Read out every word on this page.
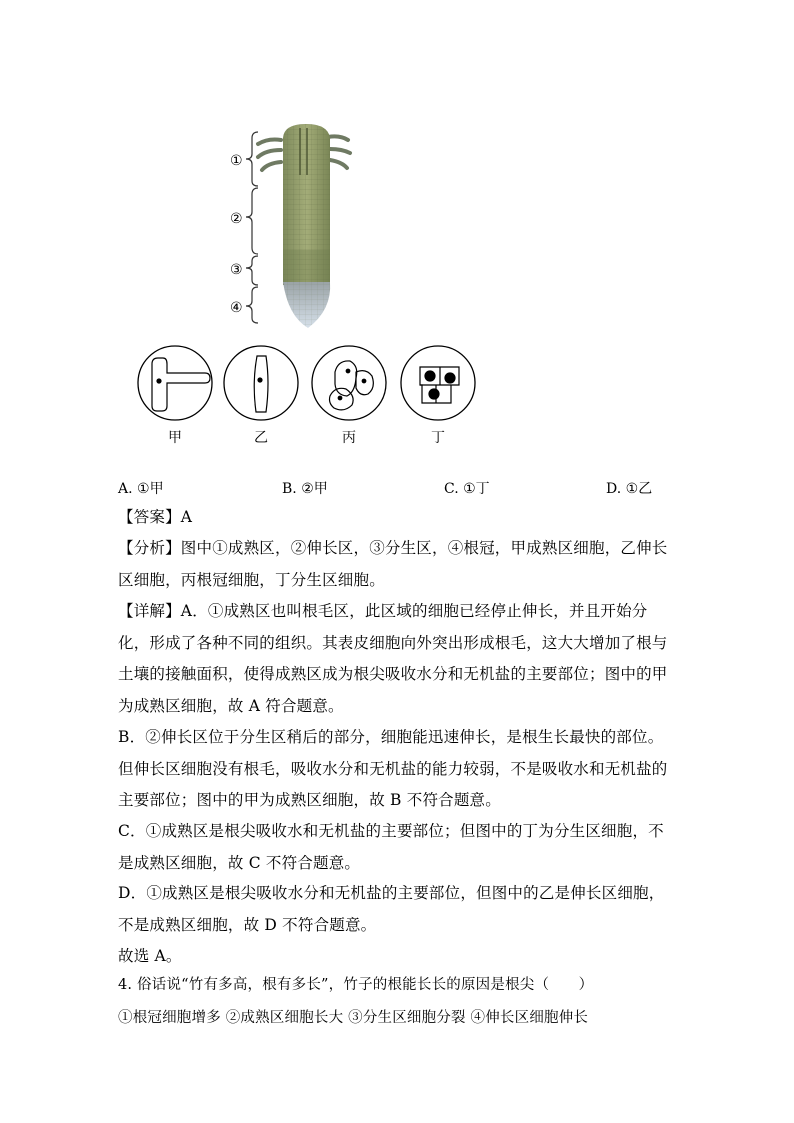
①
②
③
④
甲	乙	丙	丁
A. ①甲	B. ②甲	C. ①丁	D. ①乙
【答案】A
【分析】图中①成熟区，②伸长区，③分生区，④根冠，甲成熟区细胞，乙伸长区细胞，丙根冠细胞，丁分生区细胞。
【详解】A．①成熟区也叫根毛区，此区域的细胞已经停止伸长，并且开始分化，形成了各种不同的组织。其表皮细胞向外突出形成根毛，这大大增加了根与土壤的接触面积，使得成熟区成为根尖吸收水分和无机盐的主要部位；图中的甲为成熟区细胞，故 A 符合题意。
B．②伸长区位于分生区稍后的部分，细胞能迅速伸长，是根生长最快的部位。但伸长区细胞没有根毛，吸收水分和无机盐的能力较弱，不是吸收水和无机盐的主要部位；图中的甲为成熟区细胞，故 B 不符合题意。
C．①成熟区是根尖吸收水和无机盐的主要部位；但图中的丁为分生区细胞，不是成熟区细胞，故 C 不符合题意。
D．①成熟区是根尖吸收水分和无机盐的主要部位，但图中的乙是伸长区细胞，不是成熟区细胞，故 D 不符合题意。
故选 A。
4. 俗话说“竹有多高，根有多长”，竹子的根能长长的原因是根尖（　　）
①根冠细胞增多 ②成熟区细胞长大 ③分生区细胞分裂 ④伸长区细胞伸长
